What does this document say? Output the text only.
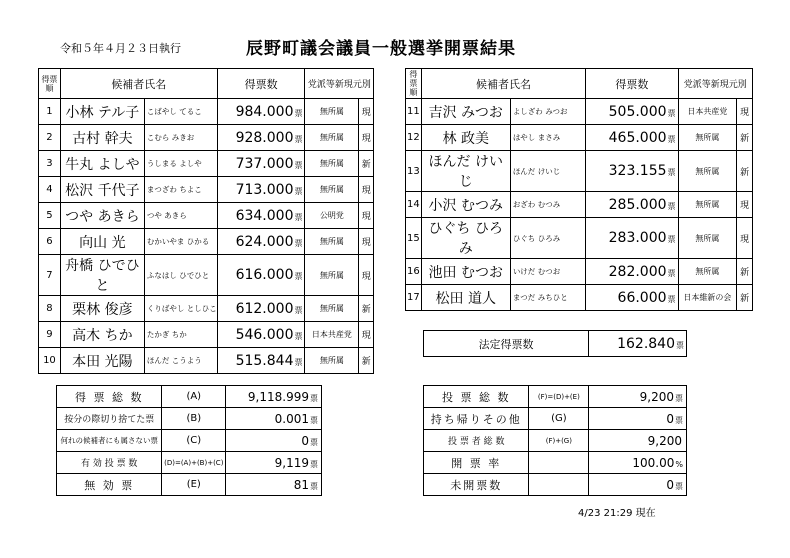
令和５年４月２３日執行	辰野町議会議員一般選挙開票結果
得票順	候補者氏名		得票数	党派等新現元別		
1	小林 テル子	こばやし てるこ	984.000票	無所属	現	
2	古村 幹夫	こむら みきお	928.000票	無所属	現	
3	牛丸 よしや	うしまる よしや	737.000票	無所属	新	
4	松沢 千代子	まつざわ ちよこ	713.000票	無所属	現	
5	つや あきら	つや あきら	634.000票	公明党	現	
6	向山 光	むかいやま ひかる	624.000票	無所属	現	
7	舟橋 ひでひと	ふなはし ひでひと	616.000票	無所属	現	
8	栗林 俊彦	くりばやし としひこ	612.000票	無所属	新	
9	高木 ちか	たかぎ ちか	546.000票	日本共産党	現	
10	本田 光陽	ほんだ こうよう	515.844票	無所属	新	
得票順	候補者氏名		得票数	党派等新現元別	
11	吉沢 みつお	よしざわ みつお	505.000票	日本共産党	現
12	林 政美	はやし まさみ	465.000票	無所属	新
13	ほんだ けいじ	ほんだ けいじ	323.155票	無所属	新
14	小沢 むつみ	おざわ むつみ	285.000票	無所属	現
15	ひぐち ひろみ	ひぐち ひろみ	283.000票	無所属	現
16	池田 むつお	いけだ むつお	282.000票	無所属	新
17	松田 道人	まつだ みちひと	66.000票	日本維新の会	新
法定得票数	162.840票
得 票 総 数	(A)	9,118.999票
按分の際切り捨てた票	(B)	0.001票
何れの候補者にも属さない票	(C)	0票
有 効 投 票 数	(D)=(A)+(B)+(C)	9,119票
無 効 票	(E)	81票
投 票 総 数	(F)=(D)+(E)	9,200票
持ち帰りその他	(G)	0票
投 票 者 総 数	(F)+(G)	9,200
開 票 率		100.00%
未開票数		0票
4/23 21:29 現在
